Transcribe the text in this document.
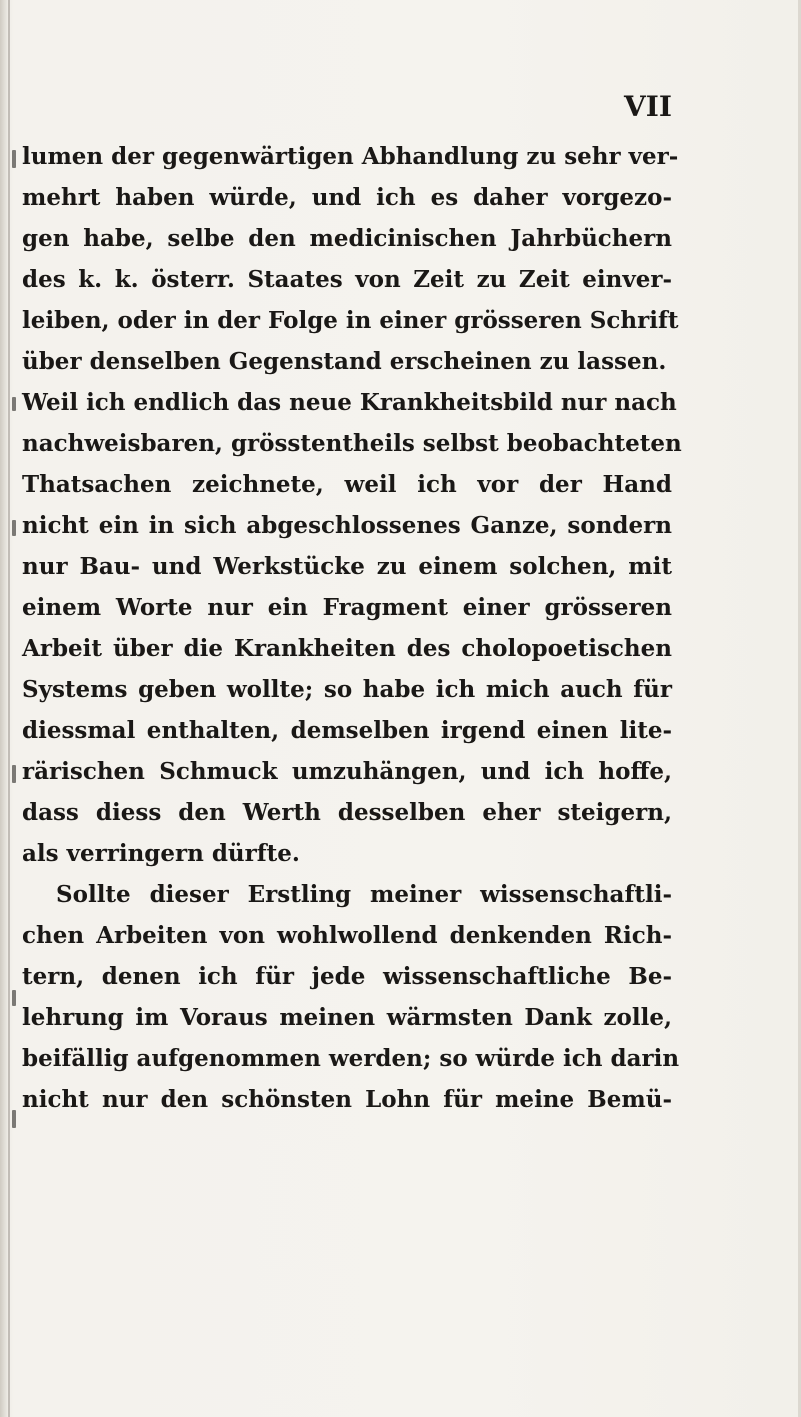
VII
lumen der gegenwärtigen Abhandlung zu sehr ver-
mehrt haben würde, und ich es daher vorgezo-
gen habe, selbe den medicinischen Jahrbüchern
des k. k. österr. Staates von Zeit zu Zeit einver-
leiben, oder in der Folge in einer grösseren Schrift
über denselben Gegenstand erscheinen zu lassen.
Weil ich endlich das neue Krankheitsbild nur nach
nachweisbaren, grösstentheils selbst beobachteten
Thatsachen zeichnete, weil ich vor der Hand
nicht ein in sich abgeschlossenes Ganze, sondern
nur Bau- und Werkstücke zu einem solchen, mit
einem Worte nur ein Fragment einer grösseren
Arbeit über die Krankheiten des cholopoetischen
Systems geben wollte; so habe ich mich auch für
diessmal enthalten, demselben irgend einen lite-
rärischen Schmuck umzuhängen, und ich hoffe,
dass diess den Werth desselben eher steigern,
als verringern dürfte.
Sollte dieser Erstling meiner wissenschaftli-
chen Arbeiten von wohlwollend denkenden Rich-
tern, denen ich für jede wissenschaftliche Be-
lehrung im Voraus meinen wärmsten Dank zolle,
beifällig aufgenommen werden; so würde ich darin
nicht nur den schönsten Lohn für meine Bemü-
